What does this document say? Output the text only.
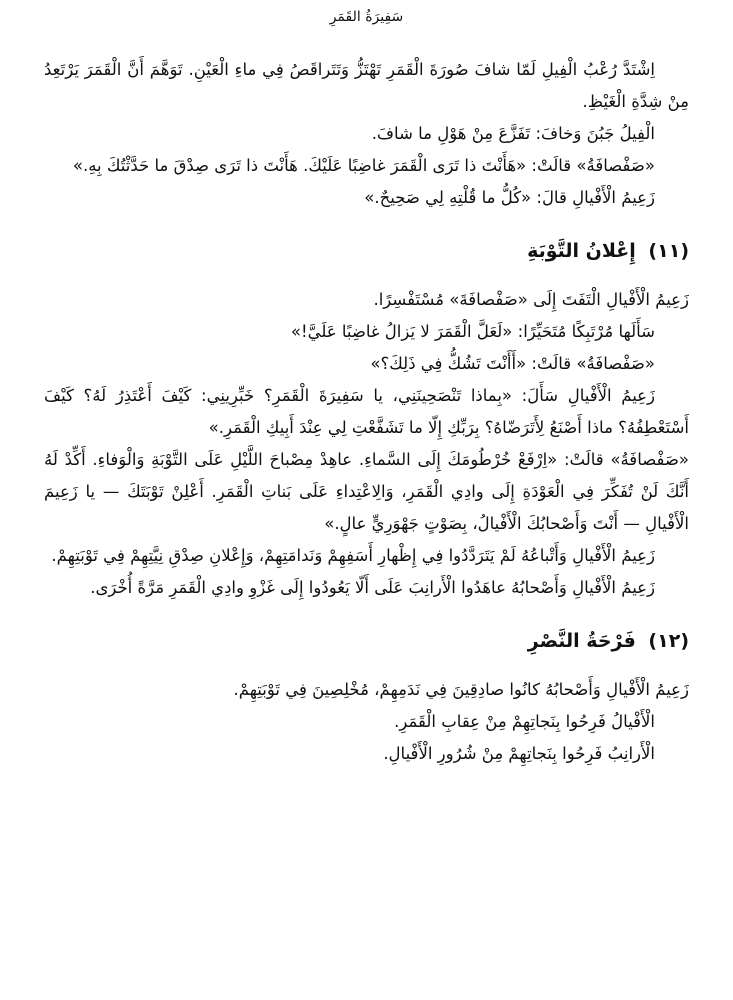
سَفِيرَةُ القَمَرِ

اِشْتَدَّ رُعْبُ الْفِيلِ لَمّا شافَ صُورَةَ الْقَمَرِ تَهْتَزُّ وَتَتَراقَصُ فِي ماءِ الْعَيْنِ. تَوَهَّمَ أَنَّ الْقَمَرَ يَرْتَعِدُ مِنْ شِدَّةِ الْغَيْظِ.

الْفِيلُ جَبُنَ وَخافَ: تَفَزَّعَ مِنْ هَوْلِ ما شافَ.

«صَفْصافَةُ» قالَتْ: «هَأَنْتَ ذا تَرَى الْقَمَرَ غاضِبًا عَلَيْكَ. هَأَنْتَ ذا تَرَى صِدْقَ ما حَدَّثْتُكَ بِهِ.»

زَعِيمُ الْأَفْيالِ قالَ: «كُلُّ ما قُلْتِهِ لِي صَحِيحٌ.»

(١١) إِعْلانُ التَّوْبَةِ

زَعِيمُ الْأَفْيالِ الْتَفَتَ إِلَى «صَفْصافَةَ» مُسْتَفْسِرًا.

سَأَلَها مُرْتَبِكًا مُتَحَيِّرًا: «لَعَلَّ الْقَمَرَ لا يَزالُ غاضِبًا عَلَيَّ!»

«صَفْصافَةُ» قالَتْ: «أَأَنْتَ تَشُكُّ فِي ذَلِكَ؟»

زَعِيمُ الْأَفْيالِ سَأَلَ: «بِماذا تَنْصَحِينَنِي، يا سَفِيرَةَ الْقَمَرِ؟ خَبِّرِينِي: كَيْفَ أَعْتَذِرُ لَهُ؟ كَيْفَ أَسْتَعْطِفُهُ؟ ماذا أَصْنَعُ لِأَتَرَضّاهُ؟ بِرَبِّكِ إِلّا ما تَشَفَّعْتِ لِي عِنْدَ أَبِيكِ الْقَمَرِ.»

«صَفْصافَةُ» قالَتْ: «اِرْفَعْ خُرْطُومَكَ إِلَى السَّماءِ. عاهِدْ مِصْباحَ اللَّيْلِ عَلَى التَّوْبَةِ وَالْوَفاءِ. أَكِّدْ لَهُ أَنَّكَ لَنْ تُفَكِّرَ فِي الْعَوْدَةِ إِلَى وادِي الْقَمَرِ، وَالِاعْتِداءِ عَلَى بَناتِ الْقَمَرِ. أَعْلِنْ تَوْبَتَكَ — يا زَعِيمَ الْأَفْيالِ — أَنْتَ وَأَصْحابُكَ الْأَفْيالُ، بِصَوْتٍ جَهْوَرِيٍّ عالٍ.»

زَعِيمُ الْأَفْيالِ وَأَتْباعُهُ لَمْ يَتَرَدَّدُوا فِي إِظْهارِ أَسَفِهِمْ وَنَدامَتِهِمْ، وَإِعْلانِ صِدْقِ نِيَّتِهِمْ فِي تَوْبَتِهِمْ.

زَعِيمُ الْأَفْيالِ وَأَصْحابُهُ عاهَدُوا الْأَرانِبَ عَلَى أَلّا يَعُودُوا إِلَى غَزْوِ وادِي الْقَمَرِ مَرَّةً أُخْرَى.

(١٢) فَرْحَةُ النَّصْرِ

زَعِيمُ الْأَفْيالِ وَأَصْحابُهُ كانُوا صادِقِينَ فِي نَدَمِهِمْ، مُخْلِصِينَ فِي تَوْبَتِهِمْ.

الْأَفْيالُ فَرِحُوا بِنَجاتِهِمْ مِنْ عِقابِ الْقَمَرِ.

الْأَرانِبُ فَرِحُوا بِنَجاتِهِمْ مِنْ شُرُورِ الْأَفْيالِ.
